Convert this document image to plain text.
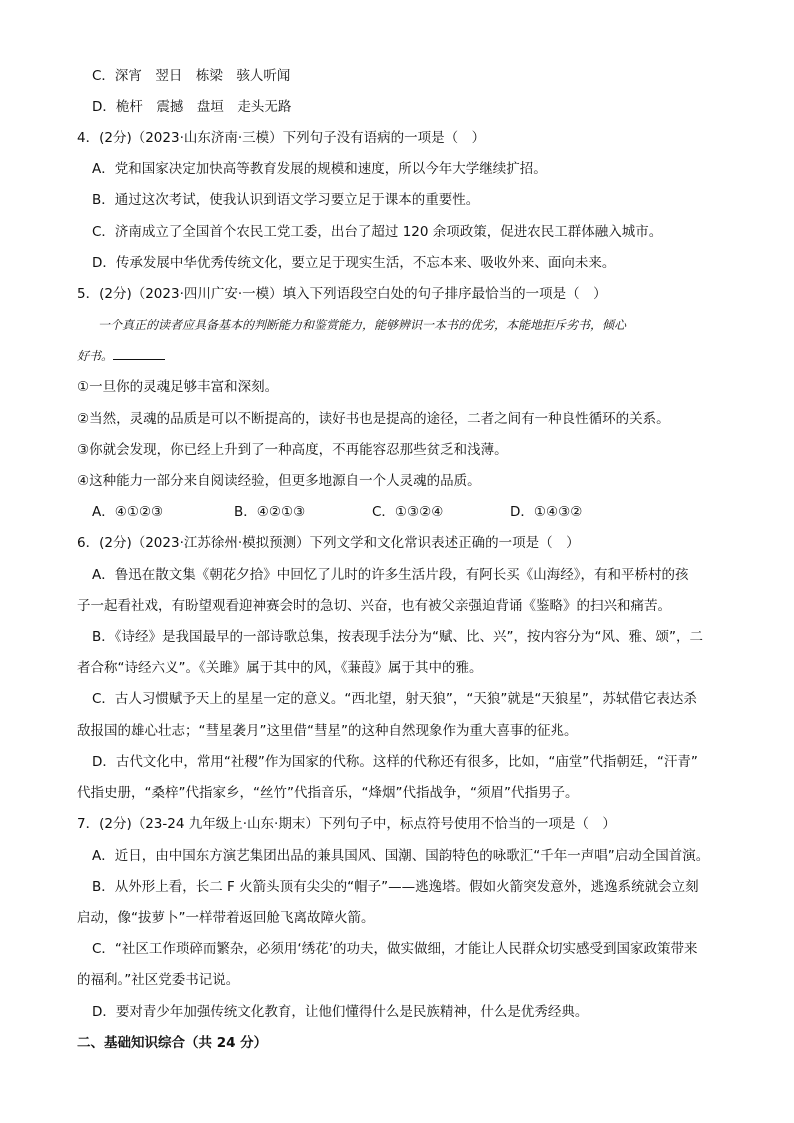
C．深宵　翌日　栋梁　骇人听闻
D．桅杆　震撼　盘垣　走头无路
4．(2分)（2023·山东济南·三模）下列句子没有语病的一项是（　）
A．党和国家决定加快高等教育发展的规模和速度，所以今年大学继续扩招。
B．通过这次考试，使我认识到语文学习要立足于课本的重要性。
C．济南成立了全国首个农民工党工委，出台了超过 120 余项政策，促进农民工群体融入城市。
D．传承发展中华优秀传统文化，要立足于现实生活，不忘本来、吸收外来、面向未来。
5．(2分)（2023·四川广安·一模）填入下列语段空白处的句子排序最恰当的一项是（　）
一个真正的读者应具备基本的判断能力和鉴赏能力，能够辨识一本书的优劣，本能地拒斥劣书，倾心
好书。
①一旦你的灵魂足够丰富和深刻。
②当然，灵魂的品质是可以不断提高的，读好书也是提高的途径，二者之间有一种良性循环的关系。
③你就会发现，你已经上升到了一种高度，不再能容忍那些贫乏和浅薄。
④这种能力一部分来自阅读经验，但更多地源自一个人灵魂的品质。
A．④①②③	B．④②①③	C．①③②④	D．①④③②
6．(2分)（2023·江苏徐州·模拟预测）下列文学和文化常识表述正确的一项是（　）
A．鲁迅在散文集《朝花夕拾》中回忆了儿时的许多生活片段，有阿长买《山海经》，有和平桥村的孩
子一起看社戏，有盼望观看迎神赛会时的急切、兴奋，也有被父亲强迫背诵《鉴略》的扫兴和痛苦。
B．《诗经》是我国最早的一部诗歌总集，按表现手法分为“赋、比、兴”，按内容分为“风、雅、颂”，二
者合称“诗经六义”。《关雎》属于其中的风，《蒹葭》属于其中的雅。
C．古人习惯赋予天上的星星一定的意义。“西北望，射天狼”，“天狼”就是“天狼星”，苏轼借它表达杀
敌报国的雄心壮志；“彗星袭月”这里借“彗星”的这种自然现象作为重大喜事的征兆。
D．古代文化中，常用“社稷”作为国家的代称。这样的代称还有很多，比如，“庙堂”代指朝廷，“汗青”
代指史册，“桑梓”代指家乡，“丝竹”代指音乐，“烽烟”代指战争，“须眉”代指男子。
7．(2分)（23-24 九年级上·山东·期末）下列句子中，标点符号使用不恰当的一项是（　）
A．近日，由中国东方演艺集团出品的兼具国风、国潮、国韵特色的咏歌汇“千年一声唱”启动全国首演。
B．从外形上看，长二 F 火箭头顶有尖尖的“帽子”——逃逸塔。假如火箭突发意外，逃逸系统就会立刻
启动，像“拔萝卜”一样带着返回舱飞离故障火箭。
C．“社区工作琐碎而繁杂，必须用‘绣花’的功夫，做实做细，才能让人民群众切实感受到国家政策带来
的福利。”社区党委书记说。
D．要对青少年加强传统文化教育，让他们懂得什么是民族精神，什么是优秀经典。
二、基础知识综合（共 24 分）
